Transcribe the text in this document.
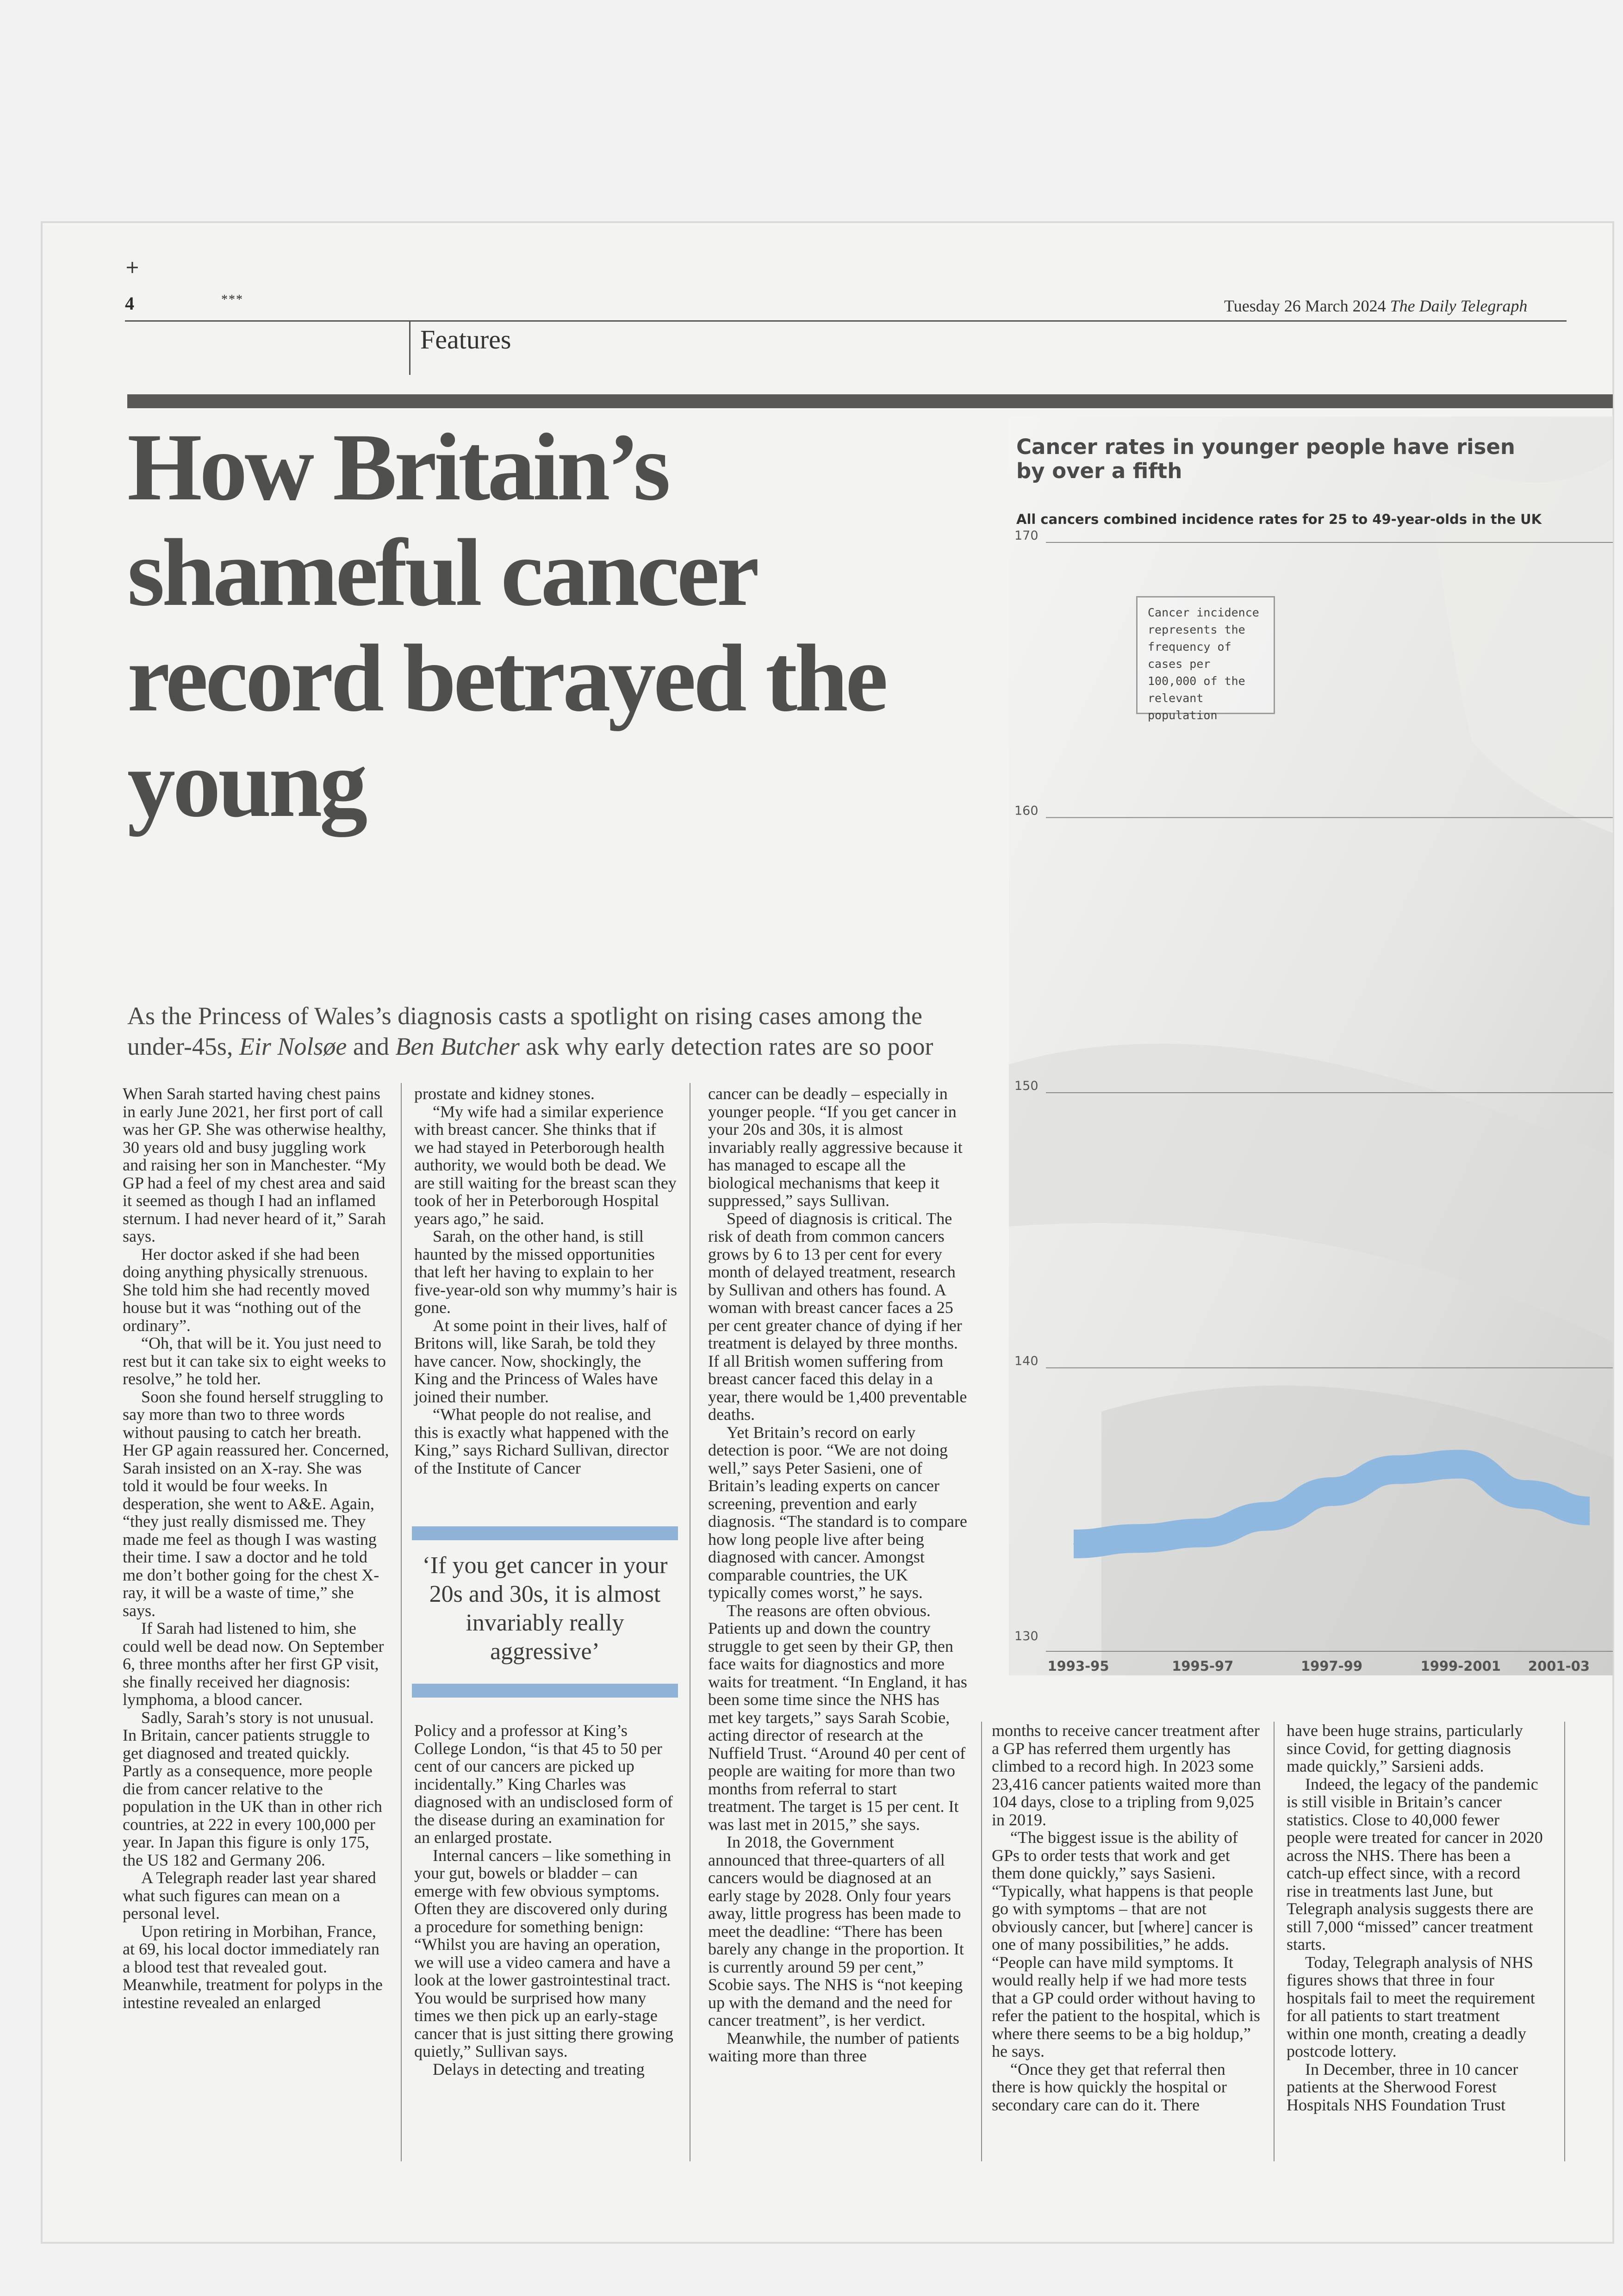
+
4	***	Tuesday 26 March 2024 The Daily Telegraph
Features
How Britain’s shameful cancer record betrayed the young
As the Princess of Wales’s diagnosis casts a spotlight on rising cases among the under-45s, Eir Nolsøe and Ben Butcher ask why early detection rates are so poor

When Sarah started having chest pains in early June 2021, her first port of call was her GP. She was otherwise healthy, 30 years old and busy juggling work and raising her son in Manchester. “My GP had a feel of my chest area and said it seemed as though I had an inflamed sternum. I had never heard of it,” Sarah says.

Her doctor asked if she had been doing anything physically strenuous. She told him she had recently moved house but it was “nothing out of the ordinary”.

“Oh, that will be it. You just need to rest but it can take six to eight weeks to resolve,” he told her.

Soon she found herself struggling to say more than two to three words without pausing to catch her breath. Her GP again reassured her. Concerned, Sarah insisted on an X-ray. She was told it would be four weeks. In desperation, she went to A&E. Again, “they just really dismissed me. They made me feel as though I was wasting their time. I saw a doctor and he told me don’t bother going for the chest X-ray, it will be a waste of time,” she says.

If Sarah had listened to him, she could well be dead now. On September 6, three months after her first GP visit, she finally received her diagnosis: lymphoma, a blood cancer.

Sadly, Sarah’s story is not unusual. In Britain, cancer patients struggle to get diagnosed and treated quickly. Partly as a consequence, more people die from cancer relative to the population in the UK than in other rich countries, at 222 in every 100,000 per year. In Japan this figure is only 175, the US 182 and Germany 206.

A Telegraph reader last year shared what such figures can mean on a personal level.

Upon retiring in Morbihan, France, at 69, his local doctor immediately ran a blood test that revealed gout. Meanwhile, treatment for polyps in the intestine revealed an enlarged

prostate and kidney stones.

“My wife had a similar experience with breast cancer. She thinks that if we had stayed in Peterborough health authority, we would both be dead. We are still waiting for the breast scan they took of her in Peterborough Hospital years ago,” he said.

Sarah, on the other hand, is still haunted by the missed opportunities that left her having to explain to her five-year-old son why mummy’s hair is gone.

At some point in their lives, half of Britons will, like Sarah, be told they have cancer. Now, shockingly, the King and the Princess of Wales have joined their number.

“What people do not realise, and this is exactly what happened with the King,” says Richard Sullivan, director of the Institute of Cancer

‘If you get cancer in your 20s and 30s, it is almost invariably really aggressive’

Policy and a professor at King’s College London, “is that 45 to 50 per cent of our cancers are picked up incidentally.” King Charles was diagnosed with an undisclosed form of the disease during an examination for an enlarged prostate.

Internal cancers – like something in your gut, bowels or bladder – can emerge with few obvious symptoms. Often they are discovered only during a procedure for something benign: “Whilst you are having an operation, we will use a video camera and have a look at the lower gastrointestinal tract. You would be surprised how many times we then pick up an early-stage cancer that is just sitting there growing quietly,” Sullivan says.

Delays in detecting and treating

cancer can be deadly – especially in younger people. “If you get cancer in your 20s and 30s, it is almost invariably really aggressive because it has managed to escape all the biological mechanisms that keep it suppressed,” says Sullivan.

Speed of diagnosis is critical. The risk of death from common cancers grows by 6 to 13 per cent for every month of delayed treatment, research by Sullivan and others has found. A woman with breast cancer faces a 25 per cent greater chance of dying if her treatment is delayed by three months. If all British women suffering from breast cancer faced this delay in a year, there would be 1,400 preventable deaths.

Yet Britain’s record on early detection is poor. “We are not doing well,” says Peter Sasieni, one of Britain’s leading experts on cancer screening, prevention and early diagnosis. “The standard is to compare how long people live after being diagnosed with cancer. Amongst comparable countries, the UK typically comes worst,” he says.

The reasons are often obvious. Patients up and down the country struggle to get seen by their GP, then face waits for diagnostics and more waits for treatment. “In England, it has been some time since the NHS has met key targets,” says Sarah Scobie, acting director of research at the Nuffield Trust. “Around 40 per cent of people are waiting for more than two months from referral to start treatment. The target is 15 per cent. It was last met in 2015,” she says.

In 2018, the Government announced that three-quarters of all cancers would be diagnosed at an early stage by 2028. Only four years away, little progress has been made to meet the deadline: “There has been barely any change in the proportion. It is currently around 59 per cent,” Scobie says. The NHS is “not keeping up with the demand and the need for cancer treatment”, is her verdict.

Meanwhile, the number of patients waiting more than three

months to receive cancer treatment after a GP has referred them urgently has climbed to a record high. In 2023 some 23,416 cancer patients waited more than 104 days, close to a tripling from 9,025 in 2019.

“The biggest issue is the ability of GPs to order tests that work and get them done quickly,” says Sasieni. “Typically, what happens is that people go with symptoms – that are not obviously cancer, but [where] cancer is one of many possibilities,” he adds. “People can have mild symptoms. It would really help if we had more tests that a GP could order without having to refer the patient to the hospital, which is where there seems to be a big holdup,” he says.

“Once they get that referral then there is how quickly the hospital or secondary care can do it. There

have been huge strains, particularly since Covid, for getting diagnosis made quickly,” Sarsieni adds.

Indeed, the legacy of the pandemic is still visible in Britain’s cancer statistics. Close to 40,000 fewer people were treated for cancer in 2020 across the NHS. There has been a catch-up effect since, with a record rise in treatments last June, but Telegraph analysis suggests there are still 7,000 “missed” cancer treatment starts.

Today, Telegraph analysis of NHS figures shows that three in four hospitals fail to meet the requirement for all patients to start treatment within one month, creating a deadly postcode lottery.

In December, three in 10 cancer patients at the Sherwood Forest Hospitals NHS Foundation Trust

130
140
150
160
170
1993-95	1995-97	1997-99	1999-2001 2001-03
Cancer rates in younger people have risen by over a fifth
All cancers combined incidence rates for 25 to 49-year-olds in the UK
Cancer incidence represents the frequency of cases per 100,000 of the relevant population
